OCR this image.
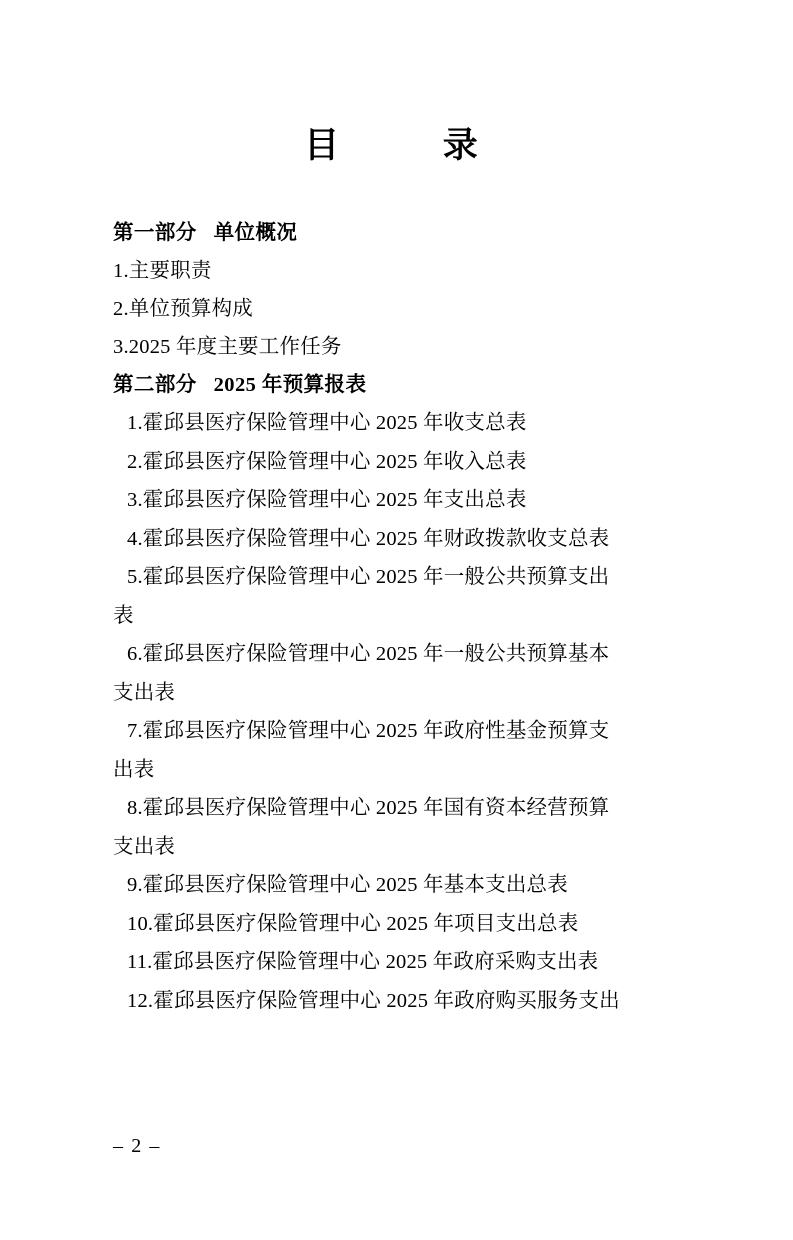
目　　录
第一部分 单位概况

1.主要职责

2.单位预算构成

3.2025 年度主要工作任务

第二部分 2025 年预算报表

1.霍邱县医疗保险管理中心 2025 年收支总表

2.霍邱县医疗保险管理中心 2025 年收入总表

3.霍邱县医疗保险管理中心 2025 年支出总表

4.霍邱县医疗保险管理中心 2025 年财政拨款收支总表

5.霍邱县医疗保险管理中心 2025 年一般公共预算支出

表

6.霍邱县医疗保险管理中心 2025 年一般公共预算基本

支出表

7.霍邱县医疗保险管理中心 2025 年政府性基金预算支

出表

8.霍邱县医疗保险管理中心 2025 年国有资本经营预算

支出表

9.霍邱县医疗保险管理中心 2025 年基本支出总表

10.霍邱县医疗保险管理中心 2025 年项目支出总表

11.霍邱县医疗保险管理中心 2025 年政府采购支出表

12.霍邱县医疗保险管理中心 2025 年政府购买服务支出

– 2 –
